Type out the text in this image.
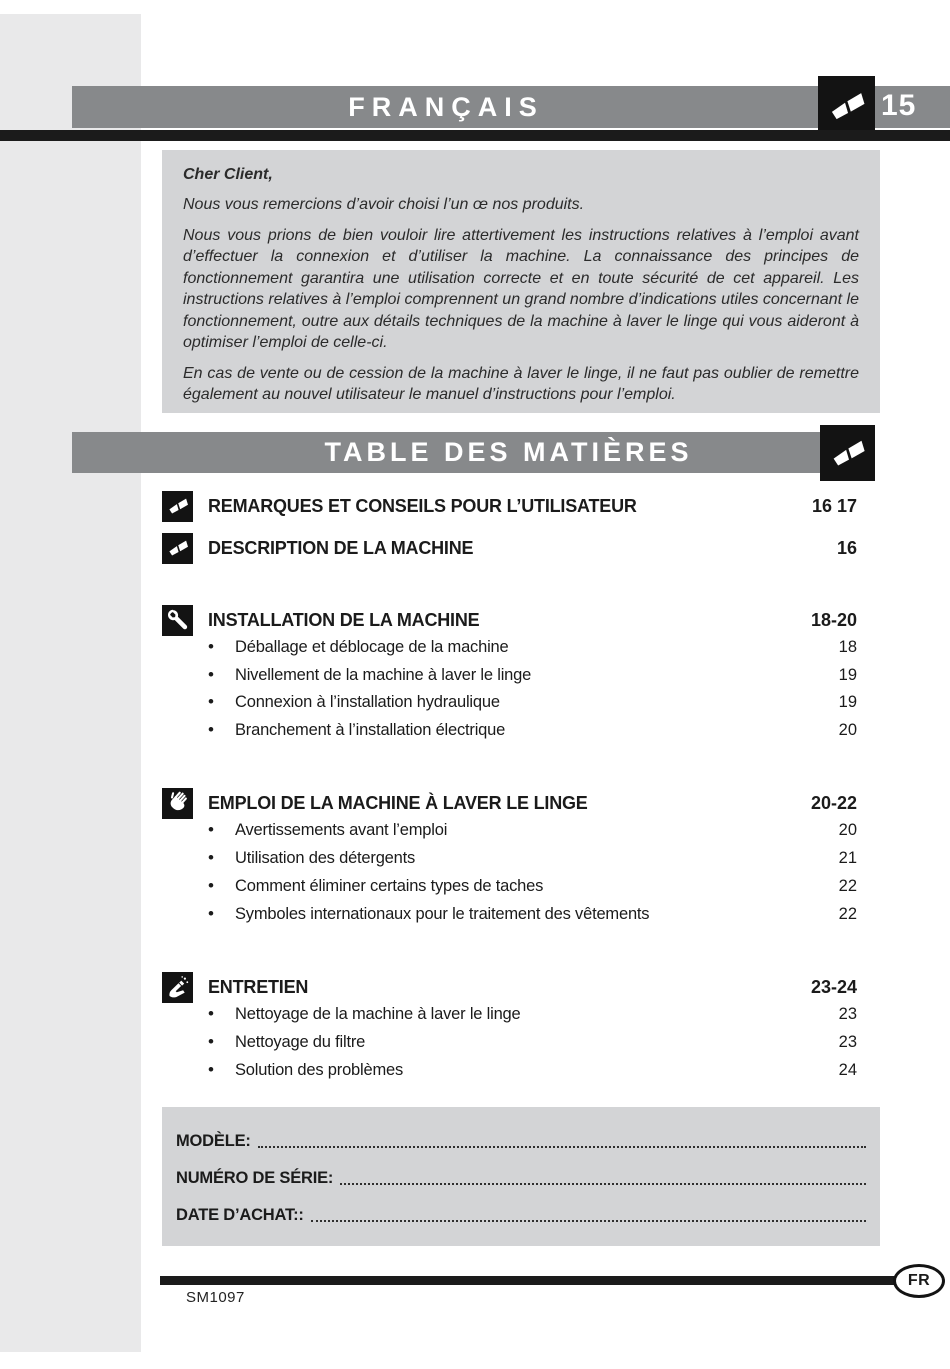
FRANÇAIS	15

Cher Client,

Nous vous remercions d’avoir choisi l’un œ nos produits.

Nous vous prions de bien vouloir lire attertivement les instructions relatives à l’emploi avant d’effectuer la connexion et d’utiliser la machine. La connaissance des principes de fonctionnement garantira une utilisation correcte et en toute sécurité de cet appareil. Les instructions relatives à l’emploi comprennent un grand nombre d’indications utiles concernant le fonctionnement, outre aux détails techniques de la machine à laver le linge qui vous aideront à optimiser l’emploi de celle-ci.

En cas de vente ou de cession de la machine à laver le linge, il ne faut pas oublier de remettre également au nouvel utilisateur le manuel d’instructions pour l’emploi.

TABLE DES MATIÈRES
REMARQUES ET CONSEILS POUR L’UTILISATEUR	16 17
DESCRIPTION DE LA MACHINE	16
INSTALLATION DE LA MACHINE	18-20
•
Déballage et déblocage de la machine	18
•
Nivellement de la machine à laver le linge	19
•
Connexion à l’installation hydraulique	19
•
Branchement à l’installation électrique	20
EMPLOI DE LA MACHINE À LAVER LE LINGE	20-22
•
Avertissements avant l’emploi	20
•
Utilisation des détergents	21
•
Comment éliminer certains types de taches	22
•
Symboles internationaux pour le traitement des vêtements	22
ENTRETIEN	23-24
•
Nettoyage de la machine à laver le linge	23
•
Nettoyage du filtre	23
•
Solution des problèmes	24
MODÈLE:
NUMÉRO DE SÉRIE:
DATE D’ACHAT::
FR
SM1097
